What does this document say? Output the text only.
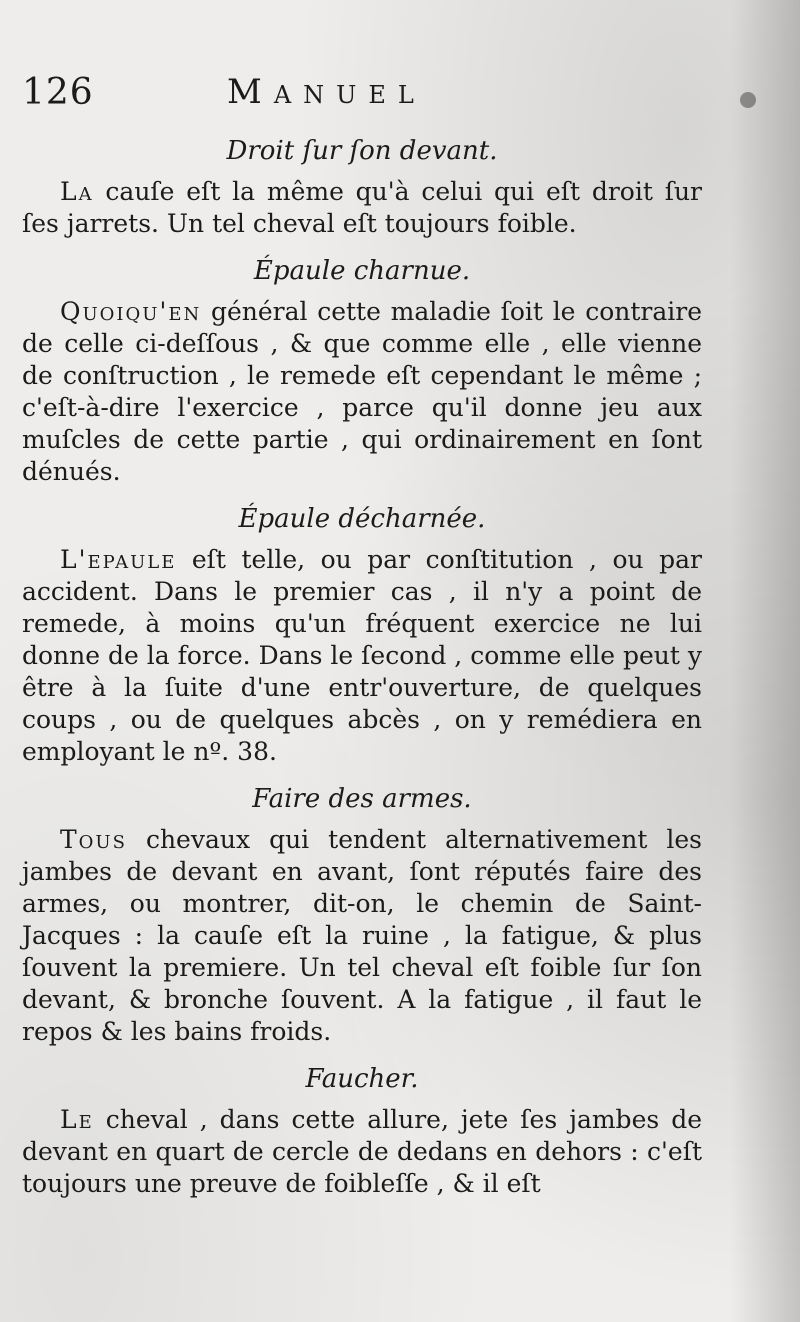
126	Manuel
Droit ſur ſon devant.

La cauſe eſt la même qu'à celui qui eſt droit ſur ſes jarrets. Un tel cheval eſt toujours foible.

Épaule charnue.

Quoiqu'en général cette maladie ſoit le contraire de celle ci-deſſous , & que comme elle , elle vienne de conſtruction , le remede eſt cependant le même ; c'eſt-à-dire l'exercice , parce qu'il donne jeu aux muſcles de cette partie , qui ordinairement en ſont dénués.

Épaule décharnée.

L'epaule eſt telle, ou par conſtitution , ou par accident. Dans le premier cas , il n'y a point de remede, à moins qu'un fréquent exercice ne lui donne de la force. Dans le ſecond , comme elle peut y être à la ſuite d'une entr'ouverture, de quelques coups , ou de quelques abcès , on y remédiera en employant le nº. 38.

Faire des armes.

Tous chevaux qui tendent alternativement les jambes de devant en avant, ſont réputés faire des armes, ou montrer, dit-on, le chemin de Saint-Jacques : la cauſe eſt la ruine , la fatigue, & plus ſouvent la premiere. Un tel cheval eſt foible ſur ſon devant, & bronche ſouvent. A la fatigue , il faut le repos & les bains froids.

Faucher.

Le cheval , dans cette allure, jete ſes jambes de devant en quart de cercle de dedans en dehors : c'eſt toujours une preuve de foibleſſe , & il eſt
